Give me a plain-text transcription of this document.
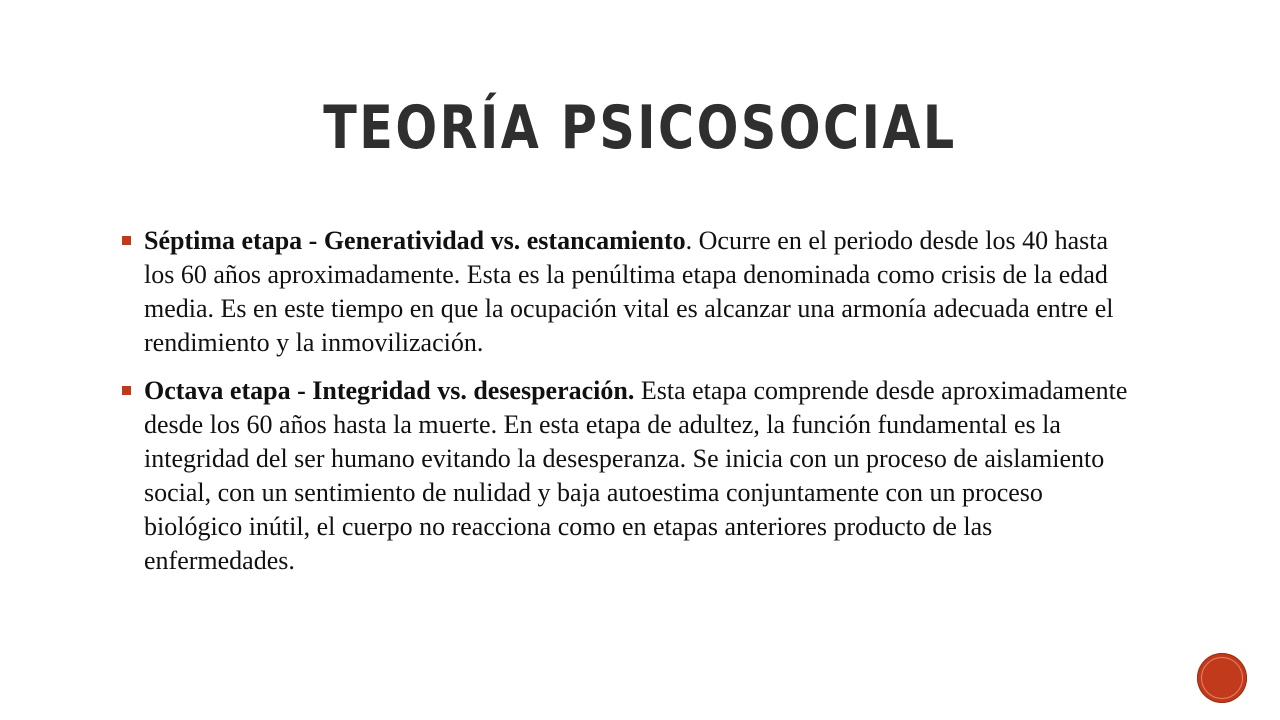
TEORÍA PSICOSOCIAL
Séptima etapa - Generatividad vs. estancamiento. Ocurre en el periodo desde los 40 hasta los 60 años aproximadamente. Esta es la penúltima etapa denominada como crisis de la edad media. Es en este tiempo en que la ocupación vital es alcanzar una armonía adecuada entre el rendimiento y la inmovilización.
Octava etapa - Integridad vs. desesperación. Esta etapa comprende desde aproximadamente desde los 60 años hasta la muerte. En esta etapa de adultez, la función fundamental es la integridad del ser humano evitando la desesperanza. Se inicia con un proceso de aislamiento social, con un sentimiento de nulidad y baja autoestima conjuntamente con un proceso biológico inútil, el cuerpo no reacciona como en etapas anteriores producto de las enfermedades.
